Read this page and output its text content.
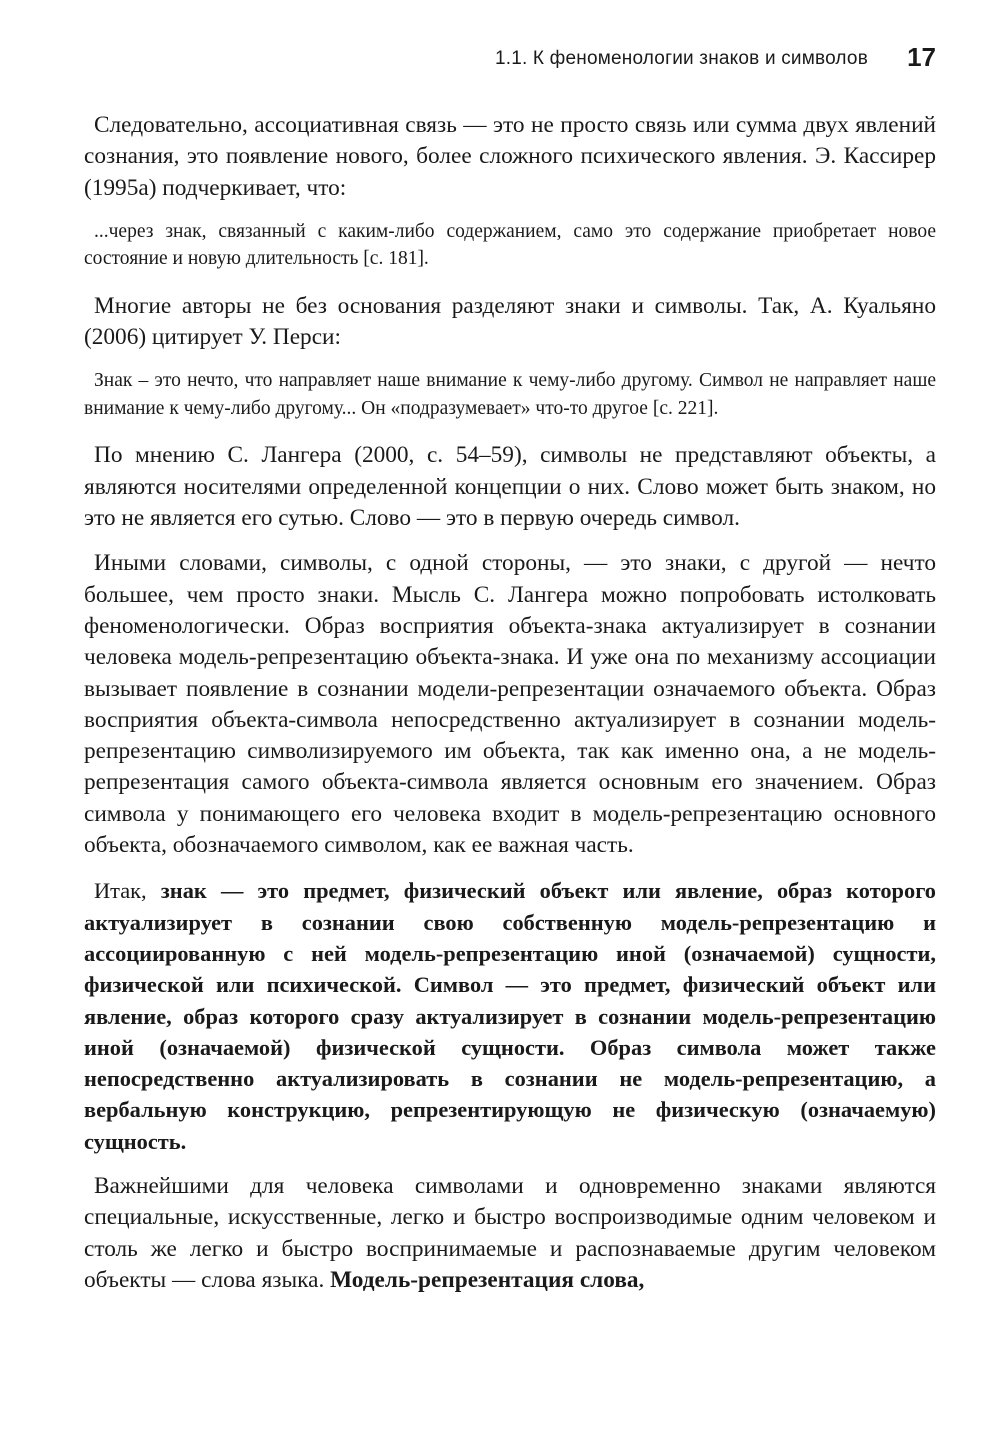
1.1. К феноменологии знаков и символов 17

Следовательно, ассоциативная связь — это не просто связь или сумма двух явлений сознания, это появление нового, более сложного психического явления. Э. Кассирер (1995а) подчеркивает, что:

...через знак, связанный с каким-либо содержанием, само это содержание приобретает новое состояние и новую длительность [с. 181].

Многие авторы не без основания разделяют знаки и символы. Так, А. Куальяно (2006) цитирует У. Перси:

Знак – это нечто, что направляет наше внимание к чему-либо другому. Символ не направляет наше внимание к чему-либо другому... Он «подразумевает» что-то другое [с. 221].

По мнению С. Лангера (2000, с. 54–59), символы не представляют объекты, а являются носителями определенной концепции о них. Слово может быть знаком, но это не является его сутью. Слово — это в первую очередь символ.

Иными словами, символы, с одной стороны, — это знаки, с другой — нечто большее, чем просто знаки. Мысль С. Лангера можно попробовать истолковать феноменологически. Образ восприятия объекта-знака актуализирует в сознании человека модель-репрезентацию объекта-знака. И уже она по механизму ассоциации вызывает появление в сознании модели-репрезентации означаемого объекта. Образ восприятия объекта-символа непосредственно актуализирует в сознании модель-репрезентацию символизируемого им объекта, так как именно она, а не модель-репрезентация самого объекта-символа является основным его значением. Образ символа у понимающего его человека входит в модель-репрезентацию основного объекта, обозначаемого символом, как ее важная часть.

Итак, знак — это предмет, физический объект или явление, образ которого актуализирует в сознании свою собственную модель-репрезентацию и ассоциированную с ней модель-репрезентацию иной (означаемой) сущности, физической или психической. Символ — это предмет, физический объект или явление, образ которого сразу актуализирует в сознании модель-репрезентацию иной (означаемой) физической сущности. Образ символа может также непосредственно актуализировать в сознании не модель-репрезентацию, а вербальную конструкцию, репрезентирующую не физическую (означаемую) сущность.

Важнейшими для человека символами и одновременно знаками являются специальные, искусственные, легко и быстро воспроизводимые одним человеком и столь же легко и быстро воспринимаемые и распознаваемые другим человеком объекты — слова языка. Модель-репрезентация слова,
